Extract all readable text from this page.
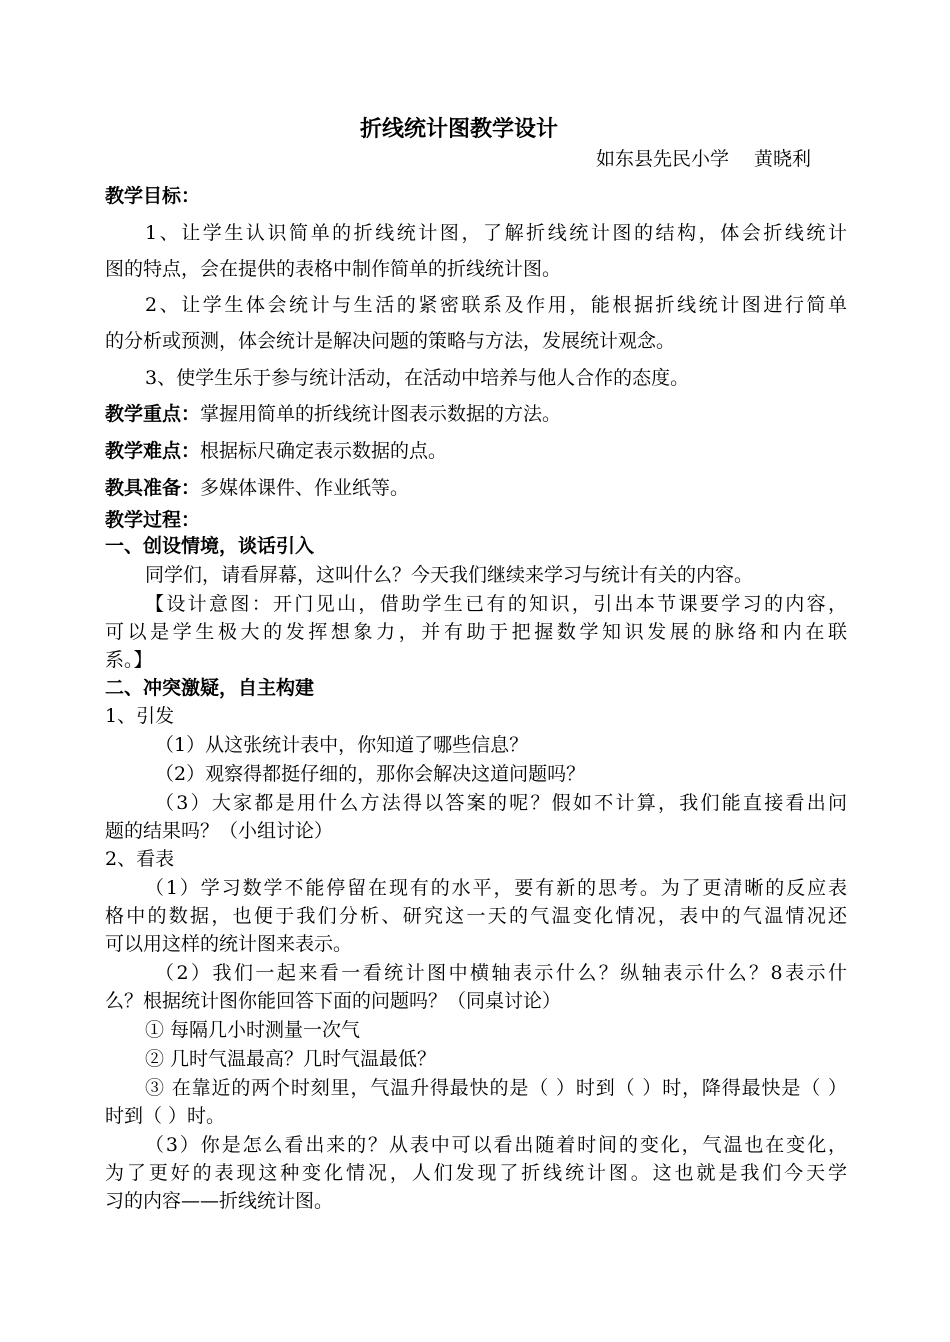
折线统计图教学设计
如东县先民小学　 黄晓利
教学目标：
1、让学生认识简单的折线统计图，了解折线统计图的结构，体会折线统计
图的特点，会在提供的表格中制作简单的折线统计图。
2、让学生体会统计与生活的紧密联系及作用，能根据折线统计图进行简单
的分析或预测，体会统计是解决问题的策略与方法，发展统计观念。
3、使学生乐于参与统计活动，在活动中培养与他人合作的态度。
教学重点：掌握用简单的折线统计图表示数据的方法。
教学难点：根据标尺确定表示数据的点。
教具准备：多媒体课件、作业纸等。
教学过程：
一、创设情境，谈话引入
同学们，请看屏幕，这叫什么？今天我们继续来学习与统计有关的内容。
【设计意图：开门见山，借助学生已有的知识，引出本节课要学习的内容，
可以是学生极大的发挥想象力，并有助于把握数学知识发展的脉络和内在联
系。】
二、冲突激疑，自主构建
1、引发
（1）从这张统计表中，你知道了哪些信息？
（2）观察得都挺仔细的，那你会解决这道问题吗？
（3）大家都是用什么方法得以答案的呢？假如不计算，我们能直接看出问
题的结果吗？（小组讨论）
2、看表
（1）学习数学不能停留在现有的水平，要有新的思考。为了更清晰的反应表
格中的数据，也便于我们分析、研究这一天的气温变化情况，表中的气温情况还
可以用这样的统计图来表示。
（2）我们一起来看一看统计图中横轴表示什么？纵轴表示什么？8表示什
么？根据统计图你能回答下面的问题吗？（同桌讨论）
① 每隔几小时测量一次气
② 几时气温最高？几时气温最低？
③ 在靠近的两个时刻里，气温升得最快的是（ ）时到（ ）时，降得最快是（ ）
时到（ ）时。
（3）你是怎么看出来的？从表中可以看出随着时间的变化，气温也在变化，
为了更好的表现这种变化情况，人们发现了折线统计图。这也就是我们今天学
习的内容——折线统计图。
